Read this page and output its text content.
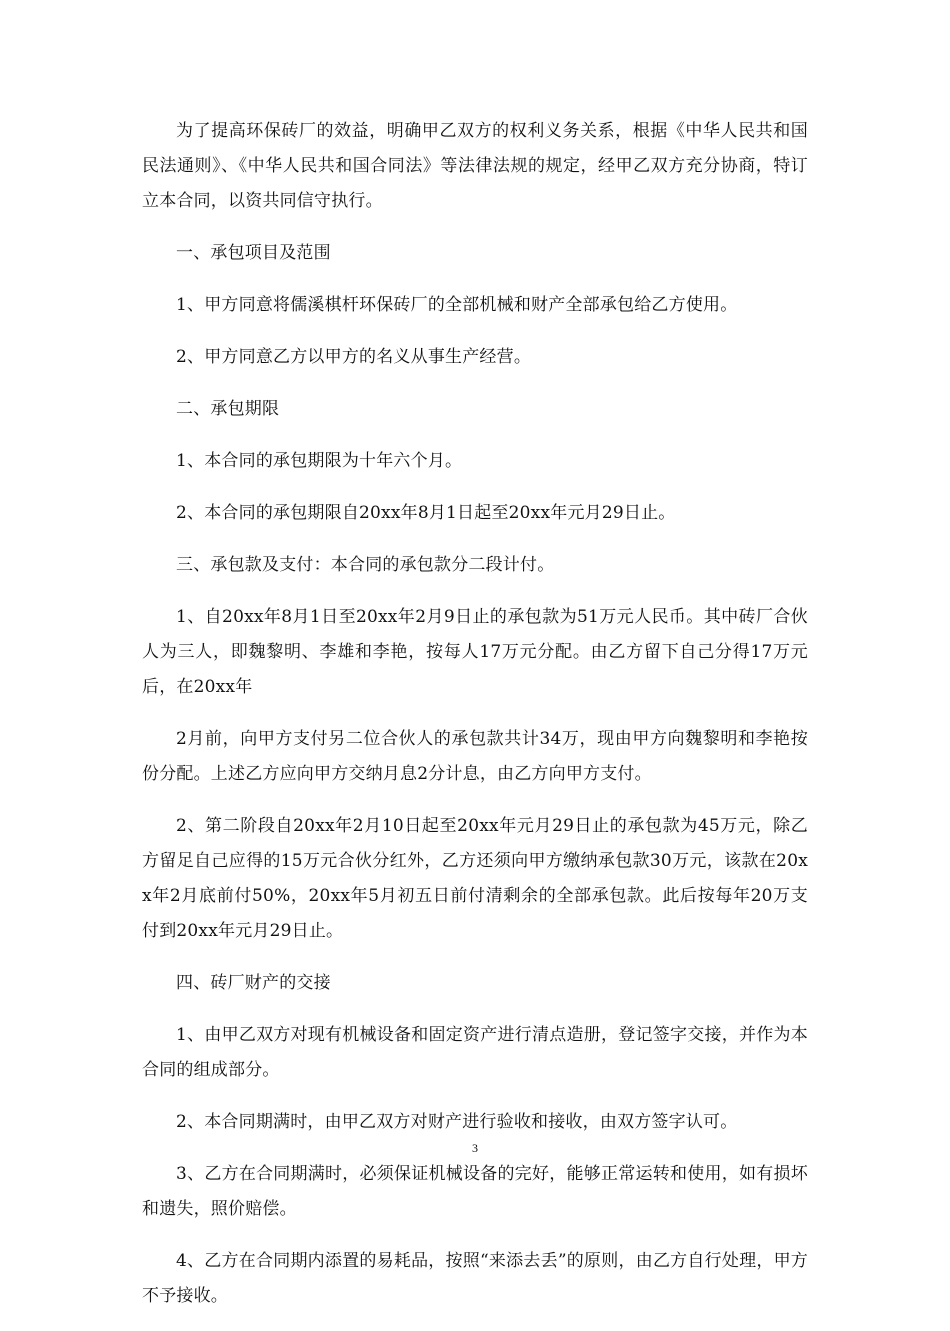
为了提高环保砖厂的效益，明确甲乙双方的权利义务关系，根据《中华人民共和国民法通则》、《中华人民共和国合同法》等法律法规的规定，经甲乙双方充分协商，特订立本合同，以资共同信守执行。

一、承包项目及范围

1、甲方同意将儒溪棋杆环保砖厂的全部机械和财产全部承包给乙方使用。

2、甲方同意乙方以甲方的名义从事生产经营。

二、承包期限

1、本合同的承包期限为十年六个月。

2、本合同的承包期限自20xx年8月1日起至20xx年元月29日止。

三、承包款及支付：本合同的承包款分二段计付。

1、自20xx年8月1日至20xx年2月9日止的承包款为51万元人民币。其中砖厂合伙人为三人，即魏黎明、李雄和李艳，按每人17万元分配。由乙方留下自己分得17万元后，在20xx年

2月前，向甲方支付另二位合伙人的承包款共计34万，现由甲方向魏黎明和李艳按份分配。上述乙方应向甲方交纳月息2分计息，由乙方向甲方支付。

2、第二阶段自20xx年2月10日起至20xx年元月29日止的承包款为45万元，除乙方留足自己应得的15万元合伙分红外，乙方还须向甲方缴纳承包款30万元，该款在20xx年2月底前付50%，20xx年5月初五日前付清剩余的全部承包款。此后按每年20万支付到20xx年元月29日止。

四、砖厂财产的交接

1、由甲乙双方对现有机械设备和固定资产进行清点造册，登记签字交接，并作为本合同的组成部分。

2、本合同期满时，由甲乙双方对财产进行验收和接收，由双方签字认可。

3、乙方在合同期满时，必须保证机械设备的完好，能够正常运转和使用，如有损坏和遗失，照价赔偿。

4、乙方在合同期内添置的易耗品，按照“来添去丢”的原则，由乙方自行处理，甲方不予接收。

3
